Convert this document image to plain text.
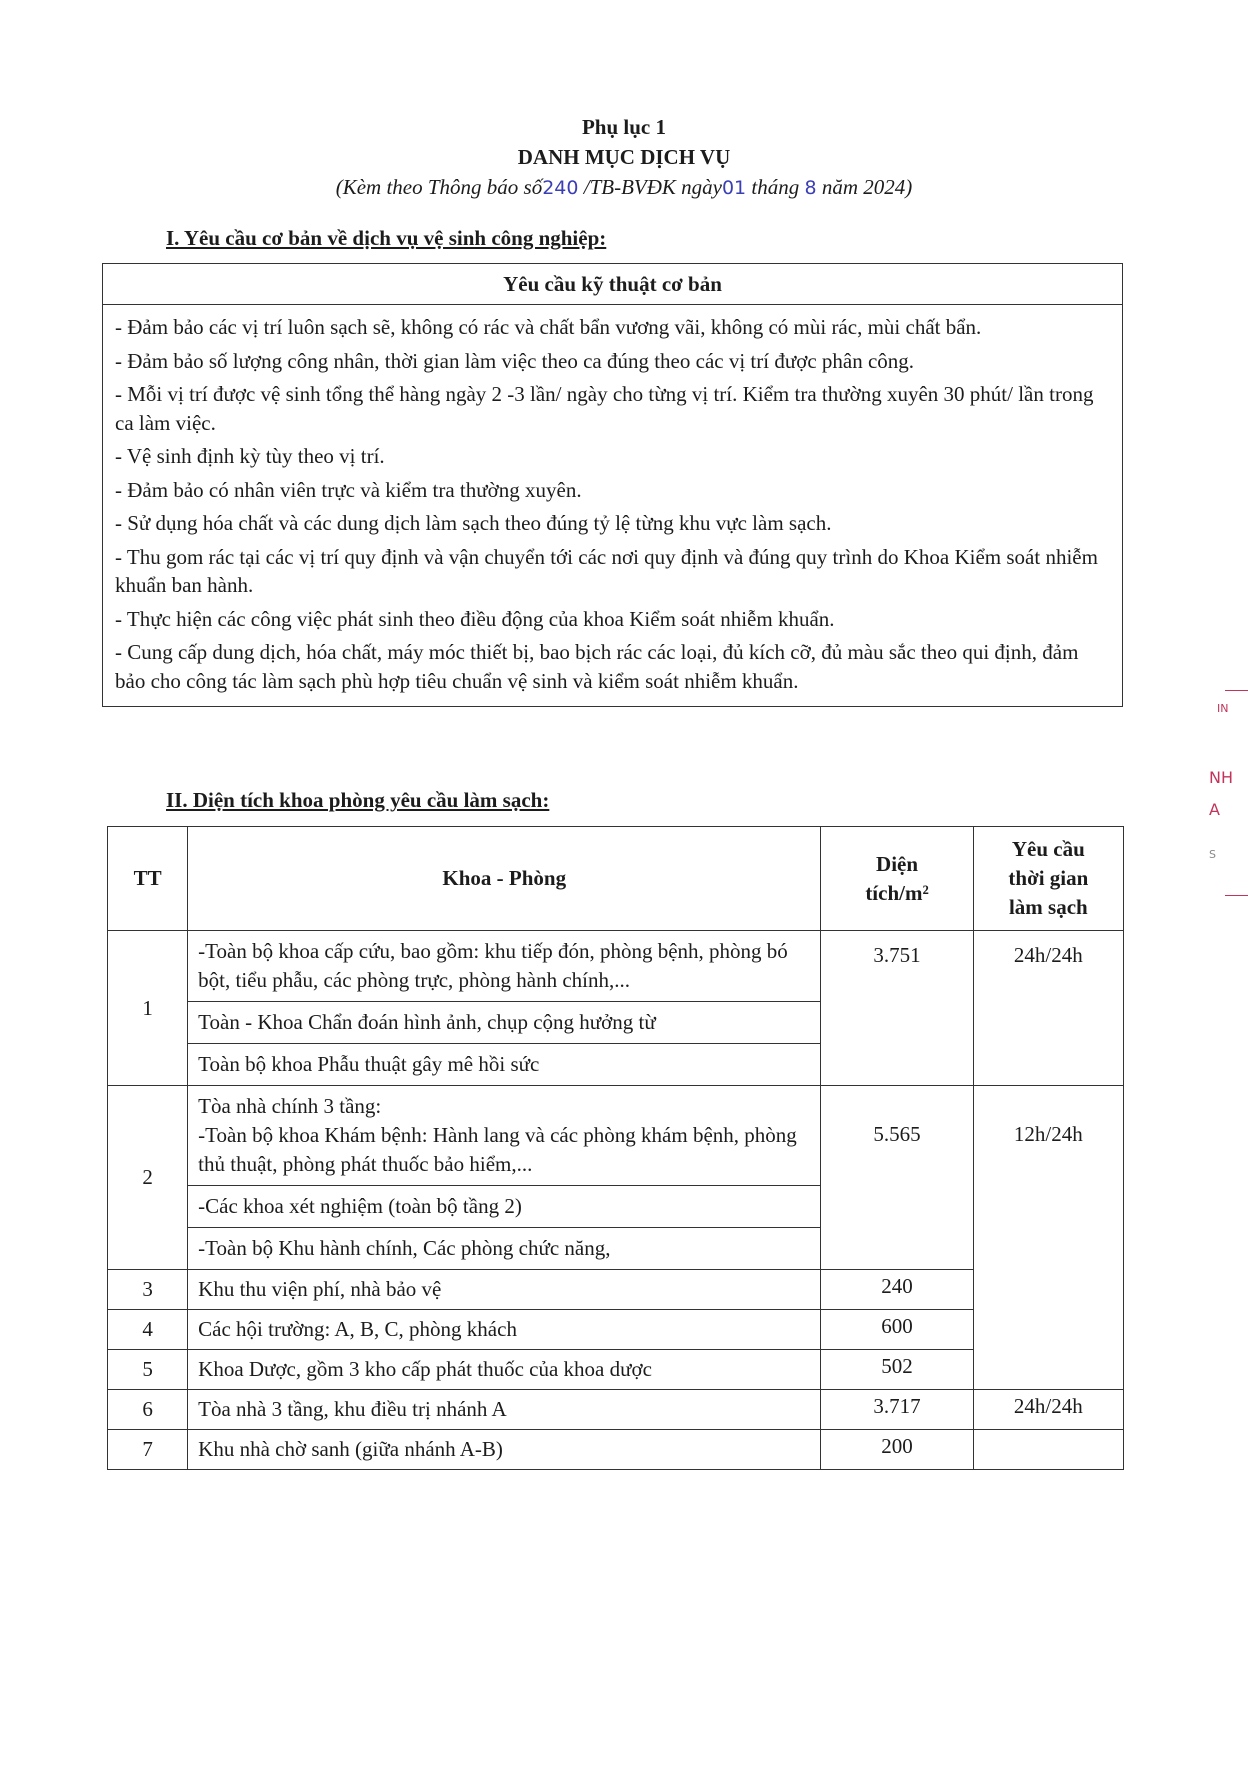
Phụ lục 1
DANH MỤC DỊCH VỤ
(Kèm theo Thông báo số240 /TB-BVĐK ngày01 tháng 8 năm 2024)
I. Yêu cầu cơ bản về dịch vụ vệ sinh công nghiệp:
Yêu cầu kỹ thuật cơ bản

- Đảm bảo các vị trí luôn sạch sẽ, không có rác và chất bẩn vương vãi, không có mùi rác, mùi chất bẩn.

- Đảm bảo số lượng công nhân, thời gian làm việc theo ca đúng theo các vị trí được phân công.

- Mỗi vị trí được vệ sinh tổng thể hàng ngày 2 -3 lần/ ngày cho từng vị trí. Kiểm tra thường xuyên 30 phút/ lần trong ca làm việc.

- Vệ sinh định kỳ tùy theo vị trí.

- Đảm bảo có nhân viên trực và kiểm tra thường xuyên.

- Sử dụng hóa chất và các dung dịch làm sạch theo đúng tỷ lệ từng khu vực làm sạch.

- Thu gom rác tại các vị trí quy định và vận chuyển tới các nơi quy định và đúng quy trình do Khoa Kiểm soát nhiễm khuẩn ban hành.

- Thực hiện các công việc phát sinh theo điều động của khoa Kiểm soát nhiễm khuẩn.

- Cung cấp dung dịch, hóa chất, máy móc thiết bị, bao bịch rác các loại, đủ kích cỡ, đủ màu sắc theo qui định, đảm bảo cho công tác làm sạch phù hợp tiêu chuẩn vệ sinh và kiểm soát nhiễm khuẩn.

II. Diện tích khoa phòng yêu cầu làm sạch:
TT	Khoa - Phòng	Diện
tích/m²	Yêu cầu
thời gian
làm sạch
1	-Toàn bộ khoa cấp cứu, bao gồm: khu tiếp đón, phòng bệnh, phòng bó bột, tiểu phẫu, các phòng trực, phòng hành chính,...	3.751	24h/24h
	Toàn - Khoa Chẩn đoán hình ảnh, chụp cộng hưởng từ		
	Toàn bộ khoa Phẫu thuật gây mê hồi sức		
2	Tòa nhà chính 3 tầng:
-Toàn bộ khoa Khám bệnh: Hành lang và các phòng khám bệnh, phòng thủ thuật, phòng phát thuốc bảo hiểm,...	5.565	12h/24h
	-Các khoa xét nghiệm (toàn bộ tầng 2)		
	-Toàn bộ Khu hành chính, Các phòng chức năng,		
3	Khu thu viện phí, nhà bảo vệ	240	
4	Các hội trường: A, B, C, phòng khách	600	
5	Khoa Dược, gồm 3 kho cấp phát thuốc của khoa dược	502	
6	Tòa nhà 3 tầng, khu điều trị nhánh A	3.717	24h/24h
7	Khu nhà chờ sanh (giữa nhánh A-B)	200	
IN
NH
A
S
